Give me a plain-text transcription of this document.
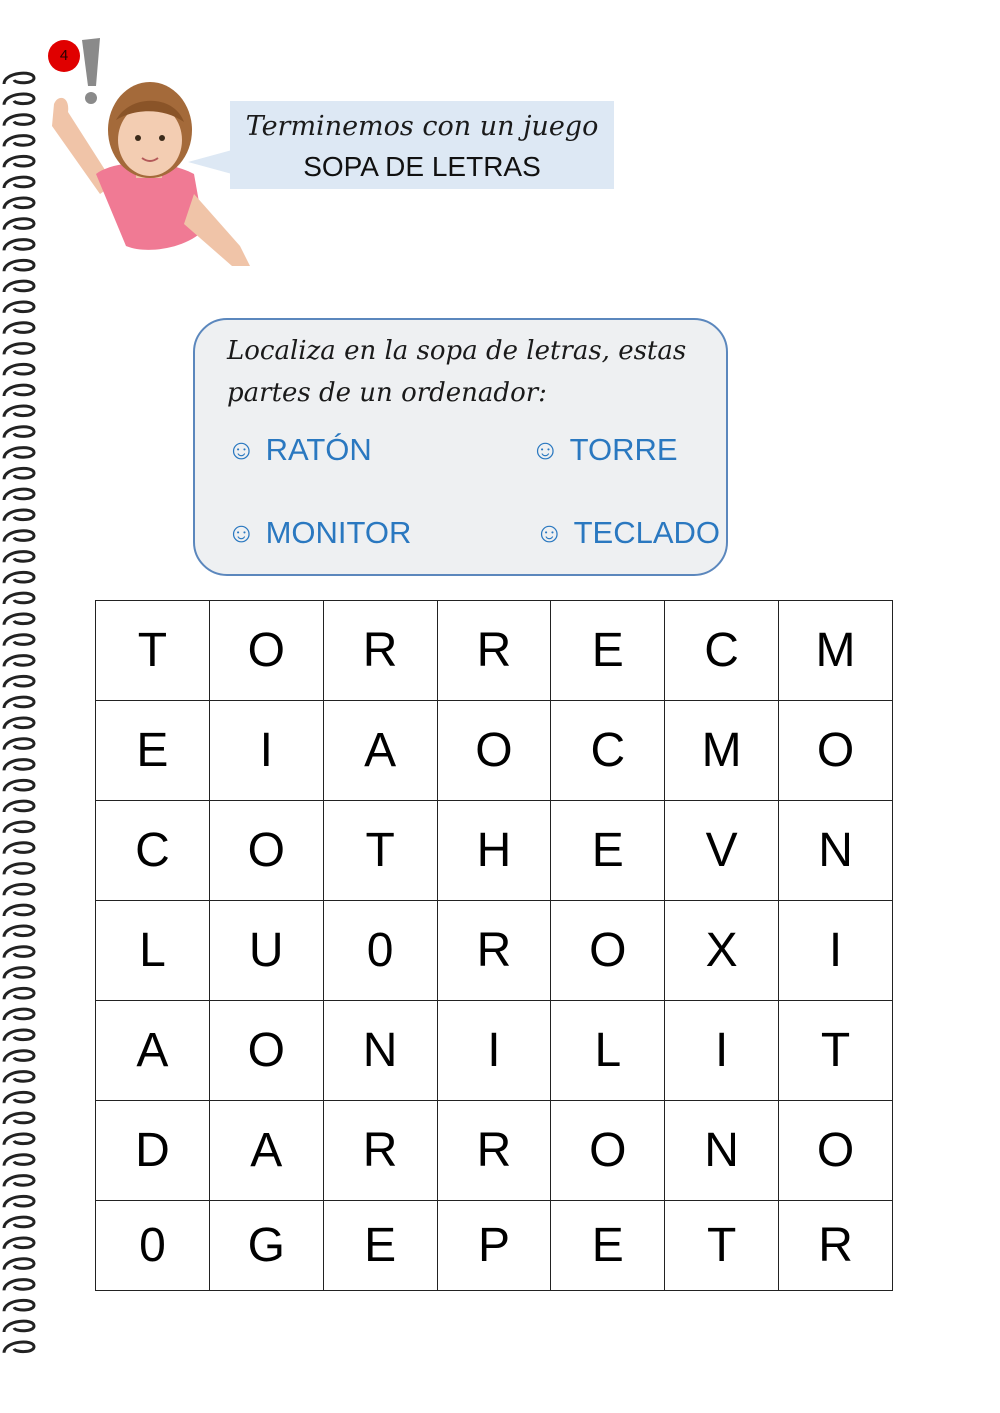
4
Terminemos con un juego
SOPA DE LETRAS
Localiza en la sopa de letras, estas
partes de un ordenador:
☺ RATÓN	☺ TORRE
☺ MONITOR	☺ TECLADO
T	O	R	R	E	C	M
E	I	A	O	C	M	O
C	O	T	H	E	V	N
L	U	0	R	O	X	I
A	O	N	I	L	I	T
D	A	R	R	O	N	O
0	G	E	P	E	T	R
